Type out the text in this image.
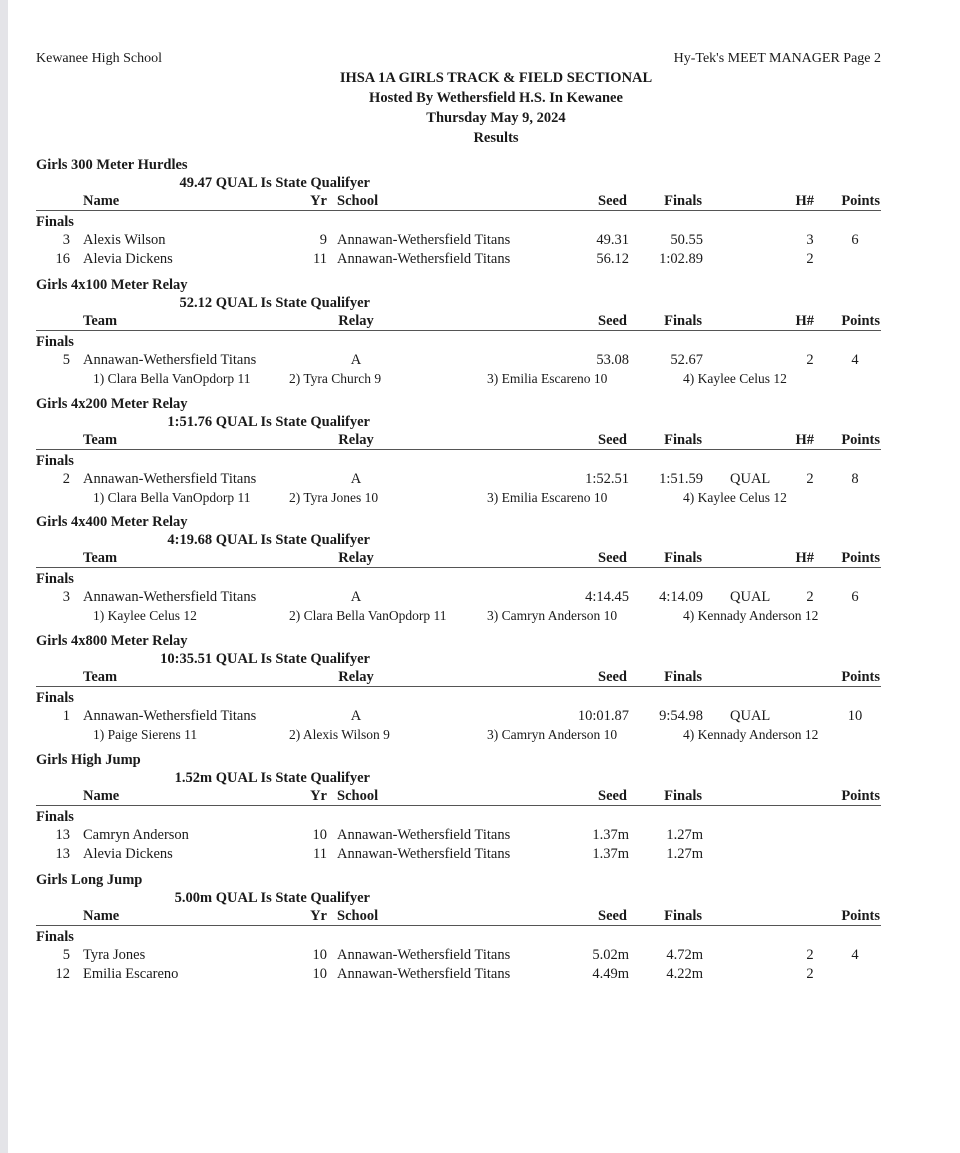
Kewanee High School	Hy-Tek's MEET MANAGER Page 2
IHSA 1A GIRLS TRACK & FIELD SECTIONAL
Hosted By Wethersfield H.S. In Kewanee
Thursday May 9, 2024
Results
Girls 300 Meter Hurdles
49.47 QUAL Is State Qualifyer
Name	Yr School	Seed	Finals	H# Points
Finals
3 Alexis Wilson	9 Annawan-Wethersfield Titans	49.31	50.55	3	6
16 Alevia Dickens	11 Annawan-Wethersfield Titans	56.12 1:02.89	2
Girls 4x100 Meter Relay
52.12 QUAL Is State Qualifyer
Team	Relay	Seed	Finals	H# Points
Finals
5 Annawan-Wethersfield Titans	A	53.08	52.67	2	4
1) Clara Bella VanOpdorp 11	2) Tyra Church 9	3) Emilia Escareno 10	4) Kaylee Celus 12
Girls 4x200 Meter Relay
1:51.76 QUAL Is State Qualifyer
Team	Relay	Seed	Finals	H# Points
Finals
2 Annawan-Wethersfield Titans	A	1:52.51 1:51.59 QUAL	2	8
1) Clara Bella VanOpdorp 11	2) Tyra Jones 10	3) Emilia Escareno 10	4) Kaylee Celus 12
Girls 4x400 Meter Relay
4:19.68 QUAL Is State Qualifyer
Team	Relay	Seed	Finals	H# Points
Finals
3 Annawan-Wethersfield Titans	A	4:14.45 4:14.09 QUAL	2	6
1) Kaylee Celus 12	2) Clara Bella VanOpdorp 11	3) Camryn Anderson 10	4) Kennady Anderson 12
Girls 4x800 Meter Relay
10:35.51 QUAL Is State Qualifyer
Team	Relay	Seed	Finals	Points
Finals
1 Annawan-Wethersfield Titans	A	10:01.87 9:54.98 QUAL	10
1) Paige Sierens 11	2) Alexis Wilson 9	3) Camryn Anderson 10	4) Kennady Anderson 12
Girls High Jump
1.52m QUAL Is State Qualifyer
Name	Yr School	Seed	Finals	Points
Finals
13 Camryn Anderson	10 Annawan-Wethersfield Titans	1.37m	1.27m
13 Alevia Dickens	11 Annawan-Wethersfield Titans	1.37m	1.27m
Girls Long Jump
5.00m QUAL Is State Qualifyer
Name	Yr School	Seed	Finals	Points
Finals
5 Tyra Jones	10 Annawan-Wethersfield Titans	5.02m	4.72m	2	4
12 Emilia Escareno	10 Annawan-Wethersfield Titans	4.49m	4.22m	2
